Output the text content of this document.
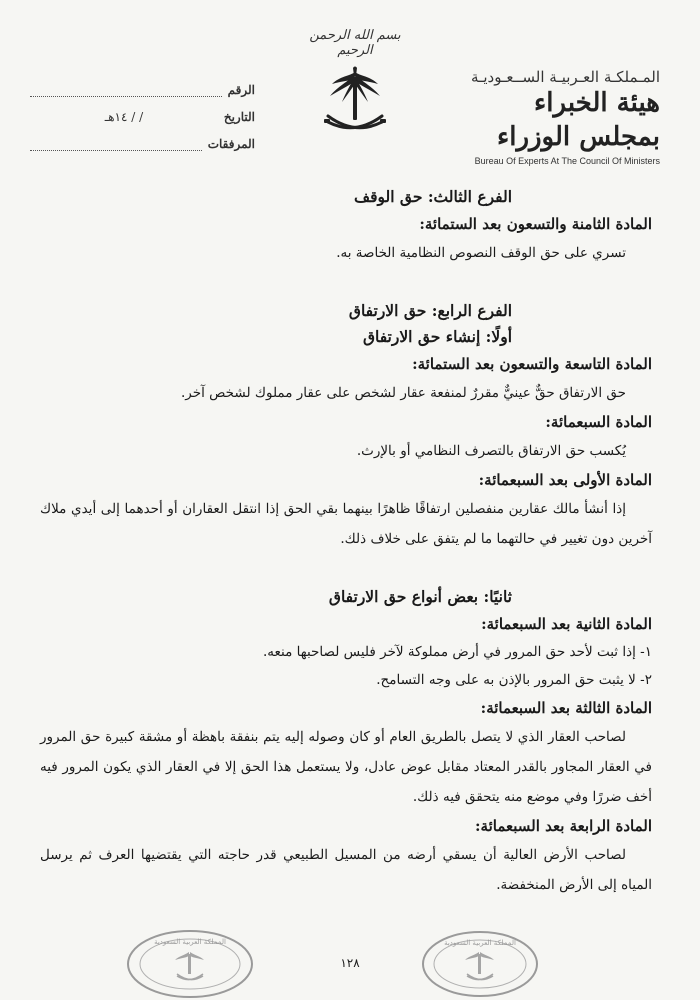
المـملكـة العـربيـة الســعـوديـة
هيئة الخبراء بمجلس الوزراء
Bureau Of Experts At The Council Of Ministers
بسم الله الرحمن الرحيم
الرقم
التاريخ
/ / ١٤هـ
المرفقات
الفرع الثالث: حق الوقف
المادة الثامنة والتسعون بعد الستمائة:

تسري على حق الوقف النصوص النظامية الخاصة به.

الفرع الرابع: حق الارتفاق
أولًا: إنشاء حق الارتفاق
المادة التاسعة والتسعون بعد الستمائة:

حق الارتفاق حقٌّ عينيٌّ مقررٌ لمنفعة عقار لشخص على عقار مملوك لشخص آخر.

المادة السبعمائة:

يُكسب حق الارتفاق بالتصرف النظامي أو بالإرث.

المادة الأولى بعد السبعمائة:

إذا أنشأ مالك عقارين منفصلين ارتفاقًا ظاهرًا بينهما بقي الحق إذا انتقل العقاران أو أحدهما إلى أيدي ملاك آخرين دون تغيير في حالتهما ما لم يتفق على خلاف ذلك.

ثانيًا: بعض أنواع حق الارتفاق
المادة الثانية بعد السبعمائة:

١- إذا ثبت لأحد حق المرور في أرض مملوكة لآخر فليس لصاحبها منعه.

٢- لا يثبت حق المرور بالإذن به على وجه التسامح.

المادة الثالثة بعد السبعمائة:

لصاحب العقار الذي لا يتصل بالطريق العام أو كان وصوله إليه يتم بنفقة باهظة أو مشقة كبيرة حق المرور في العقار المجاور بالقدر المعتاد مقابل عوض عادل، ولا يستعمل هذا الحق إلا في العقار الذي يكون المرور فيه أخف ضررًا وفي موضع منه يتحقق فيه ذلك.

المادة الرابعة بعد السبعمائة:

لصاحب الأرض العالية أن يسقي أرضه من المسيل الطبيعي قدر حاجته التي يقتضيها العرف ثم يرسل المياه إلى الأرض المنخفضة.

١٢٨
المملكة العربية السعودية	المملكة العربية السعودية
